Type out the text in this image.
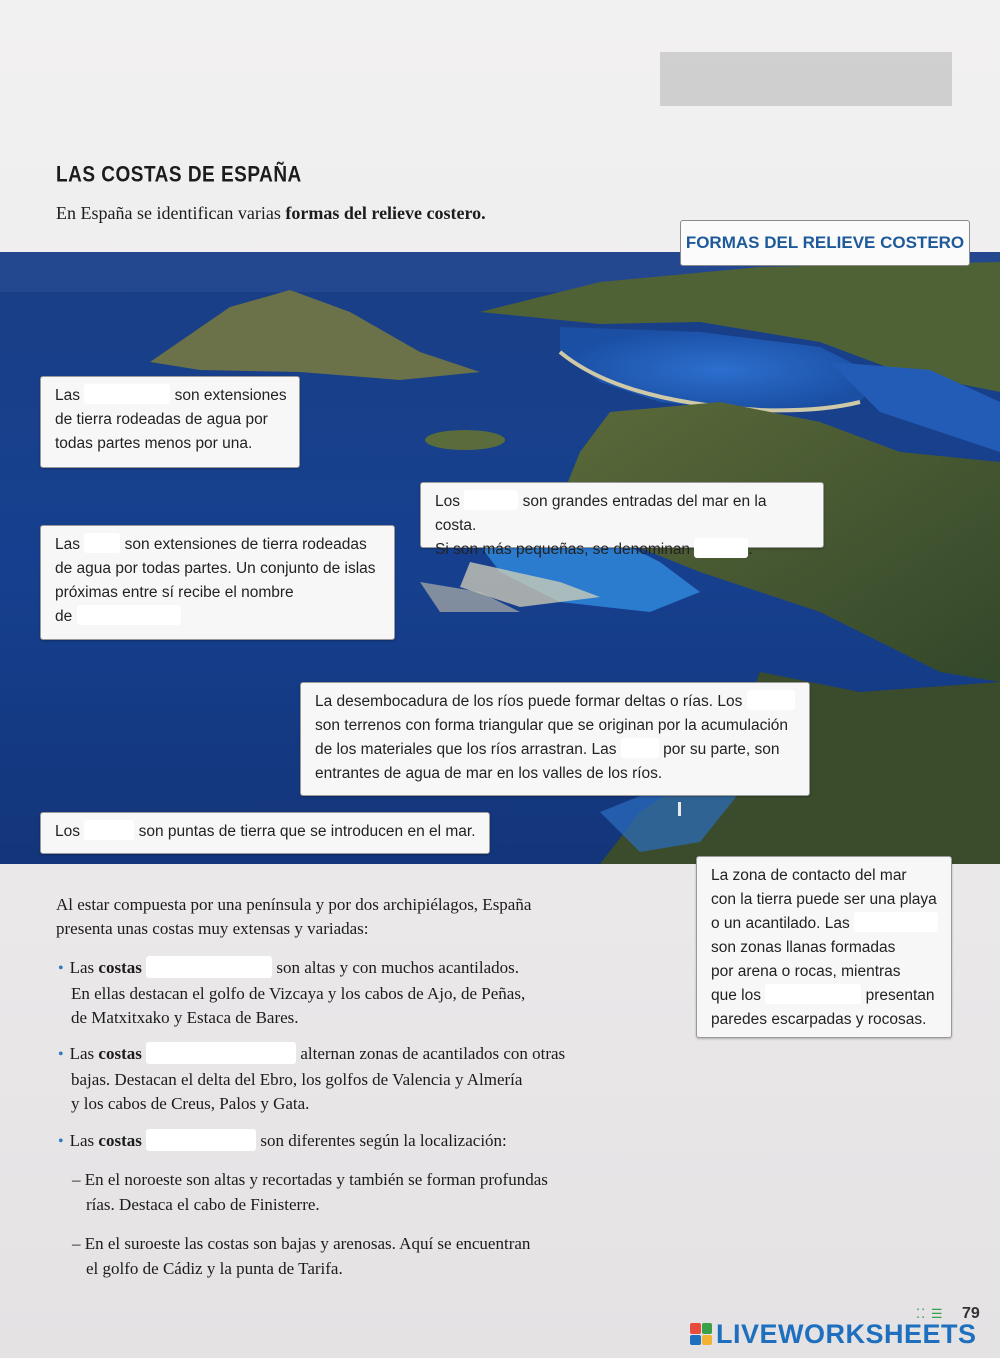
LAS COSTAS DE ESPAÑA
En España se identifican varias formas del relieve costero.
FORMAS DEL RELIEVE COSTERO
Las	son extensiones
de tierra rodeadas de agua por
todas partes menos por una.
Los	son grandes entradas del mar en la costa.
Si son más pequeñas, se denominan	.
Las	son extensiones de tierra rodeadas
de agua por todas partes. Un conjunto de islas
próximas entre sí recibe el nombre
de
La desembocadura de los ríos puede formar deltas o rías. Los
son terrenos con forma triangular que se originan por la acumulación
de los materiales que los ríos arrastran. Las	por su parte, son
entrantes de agua de mar en los valles de los ríos.
Los	son puntas de tierra que se introducen en el mar.
La zona de contacto del mar
con la tierra puede ser una playa
o un acantilado. Las
son zonas llanas formadas
por arena o rocas, mientras
que los	presentan
paredes escarpadas y rocosas.
Al estar compuesta por una península y por dos archipiélagos, España
presenta unas costas muy extensas y variadas:
• Las costas	son altas y con muchos acantilados.
En ellas destacan el golfo de Vizcaya y los cabos de Ajo, de Peñas,
de Matxitxako y Estaca de Bares.
• Las costas	alternan zonas de acantilados con otras
bajas. Destacan el delta del Ebro, los golfos de Valencia y Almería
y los cabos de Creus, Palos y Gata.
• Las costas	son diferentes según la localización:
– En el noroeste son altas y recortadas y también se forman profundas
rías. Destaca el cabo de Finisterre.
– En el suroeste las costas son bajas y arenosas. Aquí se encuentran
el golfo de Cádiz y la punta de Tarifa.
⁚⁚ ☰ 79
LIVEWORKSHEETS
